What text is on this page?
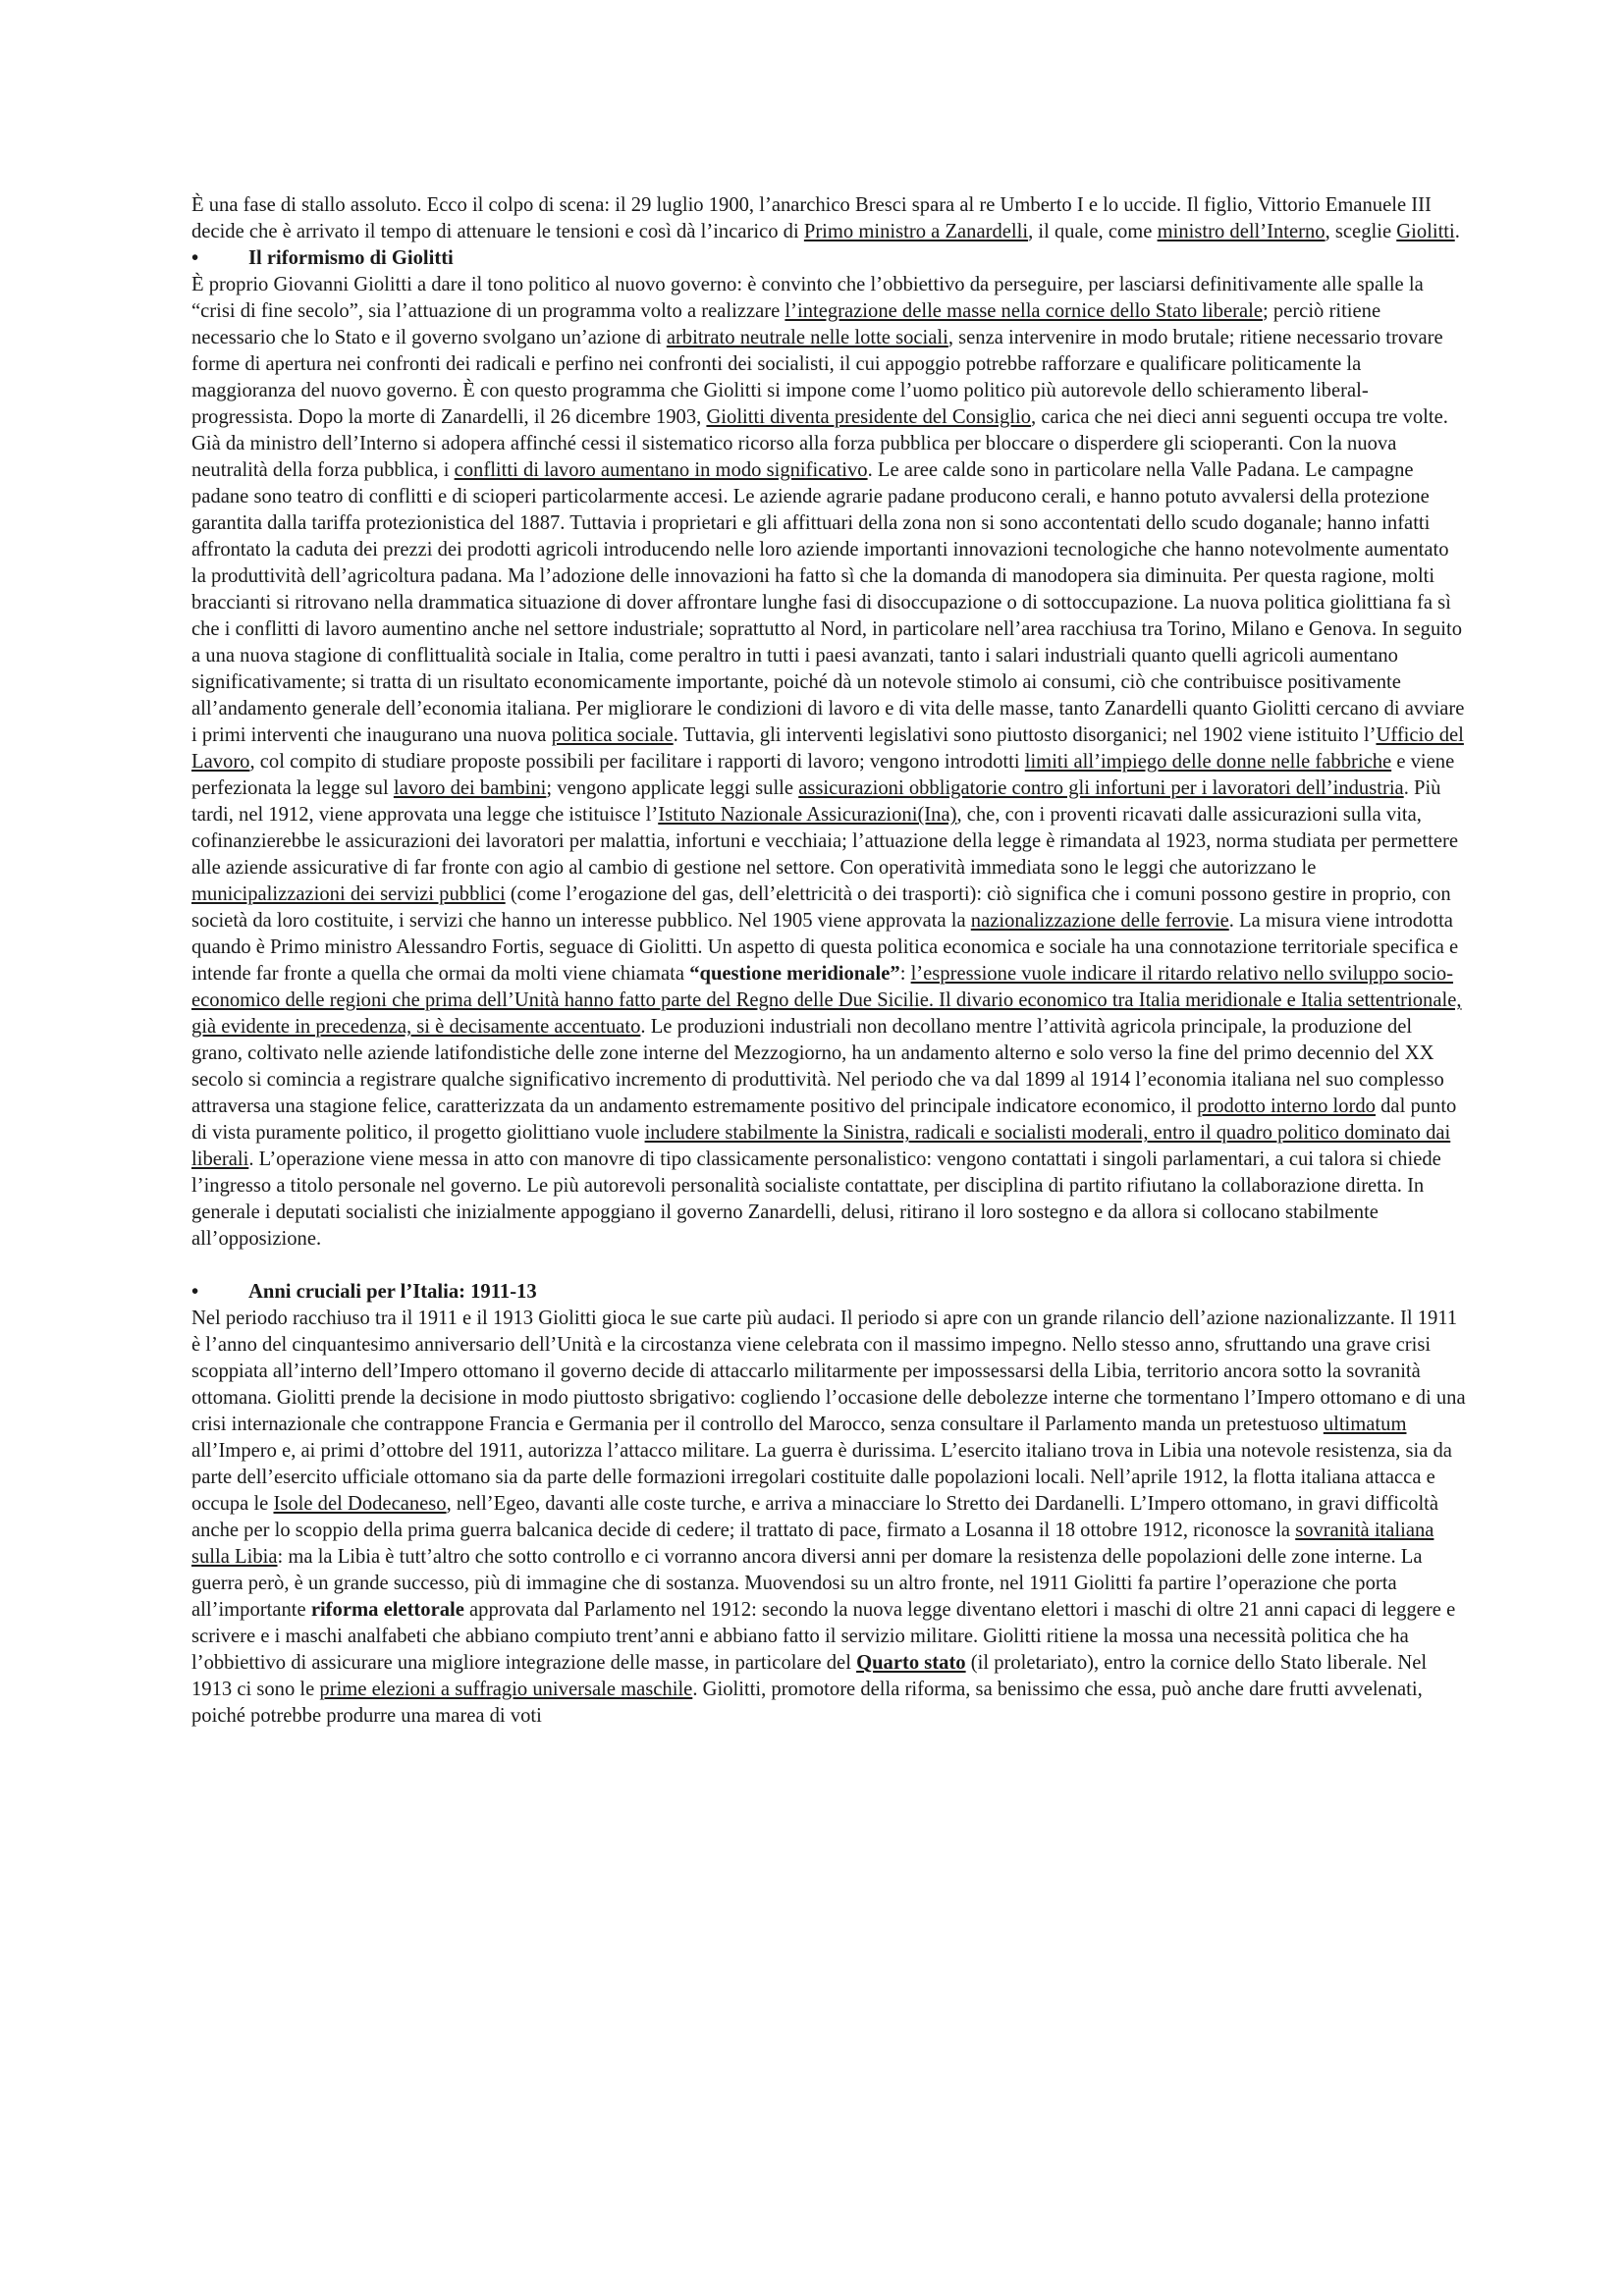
È una fase di stallo assoluto. Ecco il colpo di scena: il 29 luglio 1900, l’anarchico Bresci spara al re Umberto I e lo uccide. Il figlio, Vittorio Emanuele III decide che è arrivato il tempo di attenuare le tensioni e così dà l’incarico di Primo ministro a Zanardelli, il quale, come ministro dell’Interno, sceglie Giolitti.

• Il riformismo di Giolitti

È proprio Giovanni Giolitti a dare il tono politico al nuovo governo: è convinto che l’obbiettivo da perseguire, per lasciarsi definitivamente alle spalle la “crisi di fine secolo”, sia l’attuazione di un programma volto a realizzare l’integrazione delle masse nella cornice dello Stato liberale; perciò ritiene necessario che lo Stato e il governo svolgano un’azione di arbitrato neutrale nelle lotte sociali, senza intervenire in modo brutale; ritiene necessario trovare forme di apertura nei confronti dei radicali e perfino nei confronti dei socialisti, il cui appoggio potrebbe rafforzare e qualificare politicamente la maggioranza del nuovo governo. È con questo programma che Giolitti si impone come l’uomo politico più autorevole dello schieramento liberal-progressista. Dopo la morte di Zanardelli, il 26 dicembre 1903, Giolitti diventa presidente del Consiglio, carica che nei dieci anni seguenti occupa tre volte. Già da ministro dell’Interno si adopera affinché cessi il sistematico ricorso alla forza pubblica per bloccare o disperdere gli scioperanti. Con la nuova neutralità della forza pubblica, i conflitti di lavoro aumentano in modo significativo. Le aree calde sono in particolare nella Valle Padana. Le campagne padane sono teatro di conflitti e di scioperi particolarmente accesi. Le aziende agrarie padane producono cerali, e hanno potuto avvalersi della protezione garantita dalla tariffa protezionistica del 1887. Tuttavia i proprietari e gli affittuari della zona non si sono accontentati dello scudo doganale; hanno infatti affrontato la caduta dei prezzi dei prodotti agricoli introducendo nelle loro aziende importanti innovazioni tecnologiche che hanno notevolmente aumentato la produttività dell’agricoltura padana. Ma l’adozione delle innovazioni ha fatto sì che la domanda di manodopera sia diminuita. Per questa ragione, molti braccianti si ritrovano nella drammatica situazione di dover affrontare lunghe fasi di disoccupazione o di sottoccupazione. La nuova politica giolittiana fa sì che i conflitti di lavoro aumentino anche nel settore industriale; soprattutto al Nord, in particolare nell’area racchiusa tra Torino, Milano e Genova. In seguito a una nuova stagione di conflittualità sociale in Italia, come peraltro in tutti i paesi avanzati, tanto i salari industriali quanto quelli agricoli aumentano significativamente; si tratta di un risultato economicamente importante, poiché dà un notevole stimolo ai consumi, ciò che contribuisce positivamente all’andamento generale dell’economia italiana. Per migliorare le condizioni di lavoro e di vita delle masse, tanto Zanardelli quanto Giolitti cercano di avviare i primi interventi che inaugurano una nuova politica sociale. Tuttavia, gli interventi legislativi sono piuttosto disorganici; nel 1902 viene istituito l’Ufficio del Lavoro, col compito di studiare proposte possibili per facilitare i rapporti di lavoro; vengono introdotti limiti all’impiego delle donne nelle fabbriche e viene perfezionata la legge sul lavoro dei bambini; vengono applicate leggi sulle assicurazioni obbligatorie contro gli infortuni per i lavoratori dell’industria. Più tardi, nel 1912, viene approvata una legge che istituisce l’Istituto Nazionale Assicurazioni(Ina), che, con i proventi ricavati dalle assicurazioni sulla vita, cofinanzierebbe le assicurazioni dei lavoratori per malattia, infortuni e vecchiaia; l’attuazione della legge è rimandata al 1923, norma studiata per permettere alle aziende assicurative di far fronte con agio al cambio di gestione nel settore. Con operatività immediata sono le leggi che autorizzano le municipalizzazioni dei servizi pubblici (come l’erogazione del gas, dell’elettricità o dei trasporti): ciò significa che i comuni possono gestire in proprio, con società da loro costituite, i servizi che hanno un interesse pubblico. Nel 1905 viene approvata la nazionalizzazione delle ferrovie. La misura viene introdotta quando è Primo ministro Alessandro Fortis, seguace di Giolitti. Un aspetto di questa politica economica e sociale ha una connotazione territoriale specifica e intende far fronte a quella che ormai da molti viene chiamata “questione meridionale”: l’espressione vuole indicare il ritardo relativo nello sviluppo socio-economico delle regioni che prima dell’Unità hanno fatto parte del Regno delle Due Sicilie. Il divario economico tra Italia meridionale e Italia settentrionale, già evidente in precedenza, si è decisamente accentuato. Le produzioni industriali non decollano mentre l’attività agricola principale, la produzione del grano, coltivato nelle aziende latifondistiche delle zone interne del Mezzogiorno, ha un andamento alterno e solo verso la fine del primo decennio del XX secolo si comincia a registrare qualche significativo incremento di produttività. Nel periodo che va dal 1899 al 1914 l’economia italiana nel suo complesso attraversa una stagione felice, caratterizzata da un andamento estremamente positivo del principale indicatore economico, il prodotto interno lordo dal punto di vista puramente politico, il progetto giolittiano vuole includere stabilmente la Sinistra, radicali e socialisti moderali, entro il quadro politico dominato dai liberali. L’operazione viene messa in atto con manovre di tipo classicamente personalistico: vengono contattati i singoli parlamentari, a cui talora si chiede l’ingresso a titolo personale nel governo. Le più autorevoli personalità socialiste contattate, per disciplina di partito rifiutano la collaborazione diretta. In generale i deputati socialisti che inizialmente appoggiano il governo Zanardelli, delusi, ritirano il loro sostegno e da allora si collocano stabilmente all’opposizione.

• Anni cruciali per l’Italia: 1911-13

Nel periodo racchiuso tra il 1911 e il 1913 Giolitti gioca le sue carte più audaci. Il periodo si apre con un grande rilancio dell’azione nazionalizzante. Il 1911 è l’anno del cinquantesimo anniversario dell’Unità e la circostanza viene celebrata con il massimo impegno. Nello stesso anno, sfruttando una grave crisi scoppiata all’interno dell’Impero ottomano il governo decide di attaccarlo militarmente per impossessarsi della Libia, territorio ancora sotto la sovranità ottomana. Giolitti prende la decisione in modo piuttosto sbrigativo: cogliendo l’occasione delle debolezze interne che tormentano l’Impero ottomano e di una crisi internazionale che contrappone Francia e Germania per il controllo del Marocco, senza consultare il Parlamento manda un pretestuoso ultimatum all’Impero e, ai primi d’ottobre del 1911, autorizza l’attacco militare. La guerra è durissima. L’esercito italiano trova in Libia una notevole resistenza, sia da parte dell’esercito ufficiale ottomano sia da parte delle formazioni irregolari costituite dalle popolazioni locali. Nell’aprile 1912, la flotta italiana attacca e occupa le Isole del Dodecaneso, nell’Egeo, davanti alle coste turche, e arriva a minacciare lo Stretto dei Dardanelli. L’Impero ottomano, in gravi difficoltà anche per lo scoppio della prima guerra balcanica decide di cedere; il trattato di pace, firmato a Losanna il 18 ottobre 1912, riconosce la sovranità italiana sulla Libia: ma la Libia è tutt’altro che sotto controllo e ci vorranno ancora diversi anni per domare la resistenza delle popolazioni delle zone interne. La guerra però, è un grande successo, più di immagine che di sostanza. Muovendosi su un altro fronte, nel 1911 Giolitti fa partire l’operazione che porta all’importante riforma elettorale approvata dal Parlamento nel 1912: secondo la nuova legge diventano elettori i maschi di oltre 21 anni capaci di leggere e scrivere e i maschi analfabeti che abbiano compiuto trent’anni e abbiano fatto il servizio militare. Giolitti ritiene la mossa una necessità politica che ha l’obbiettivo di assicurare una migliore integrazione delle masse, in particolare del Quarto stato (il proletariato), entro la cornice dello Stato liberale. Nel 1913 ci sono le prime elezioni a suffragio universale maschile. Giolitti, promotore della riforma, sa benissimo che essa, può anche dare frutti avvelenati, poiché potrebbe produrre una marea di voti
